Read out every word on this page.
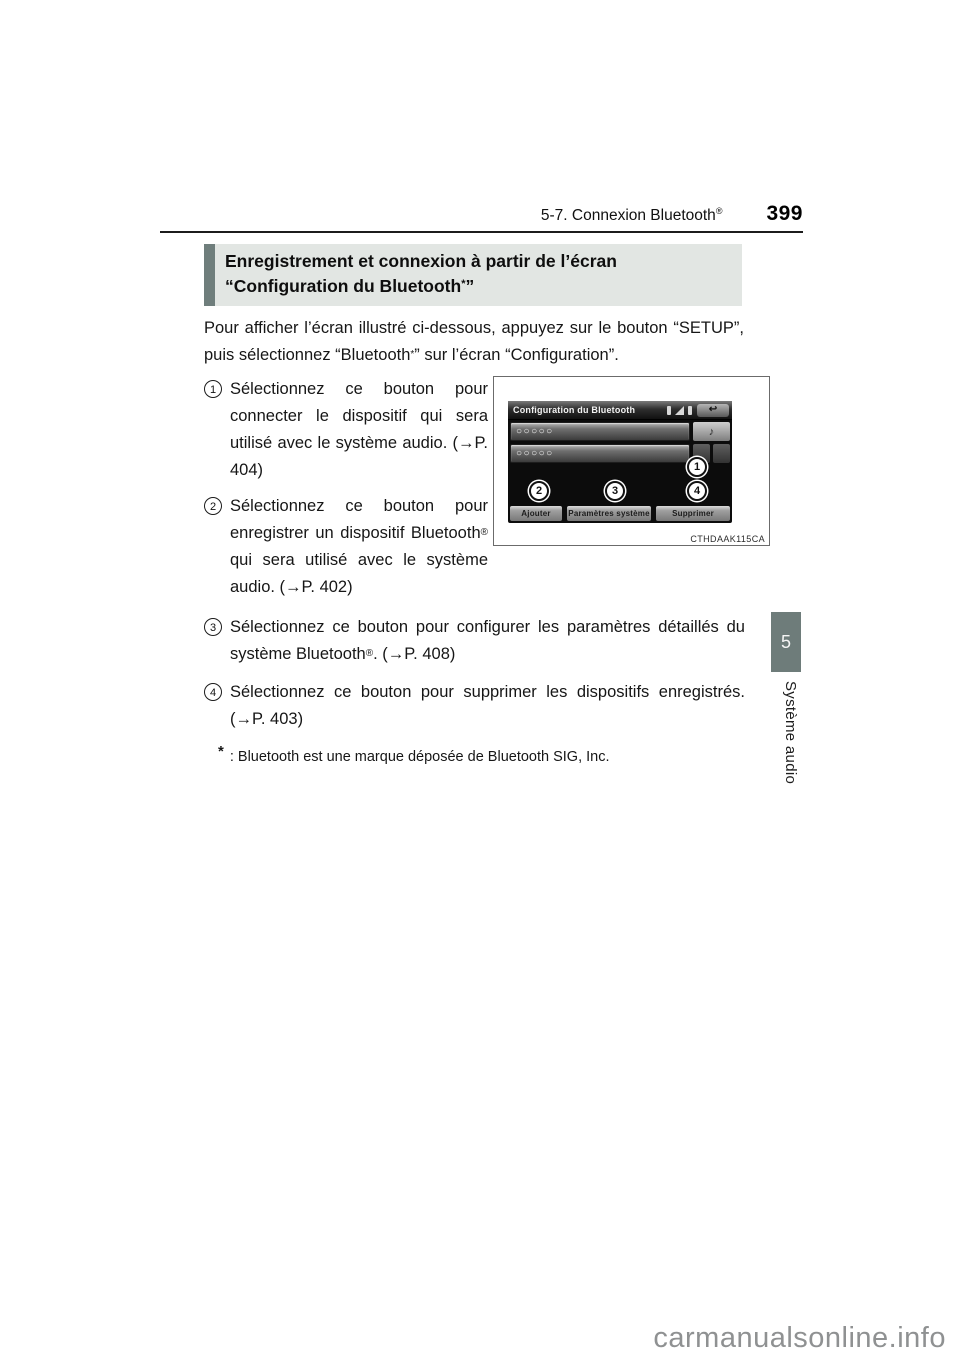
5-7. Connexion Bluetooth® 399
Enregistrement et connexion à partir de l’écran “Configuration du Bluetooth*”

Pour afficher l’écran illustré ci-dessous, appuyez sur le bouton “SETUP”, puis sélectionnez “Bluetooth*” sur l’écran “Configuration”.

1 Sélectionnez ce bouton pour connecter le dispositif qui sera utilisé avec le système audio. (→P. 404)

2 Sélectionnez ce bouton pour enregistrer un dispositif Bluetooth® qui sera utilisé avec le système audio. (→P. 402)

Configuration du Bluetooth	↩
○○○○○	♪
○○○○○
1
2	3	4
Ajouter	Paramètres système	Supprimer
CTHDAAK115CA
3 Sélectionnez ce bouton pour configurer les paramètres détaillés du système Bluetooth®. (→P. 408)

4 Sélectionnez ce bouton pour supprimer les dispositifs enregistrés. (→P. 403)

* : Bluetooth est une marque déposée de Bluetooth SIG, Inc.
5
Système audio
carmanualsonline.info
